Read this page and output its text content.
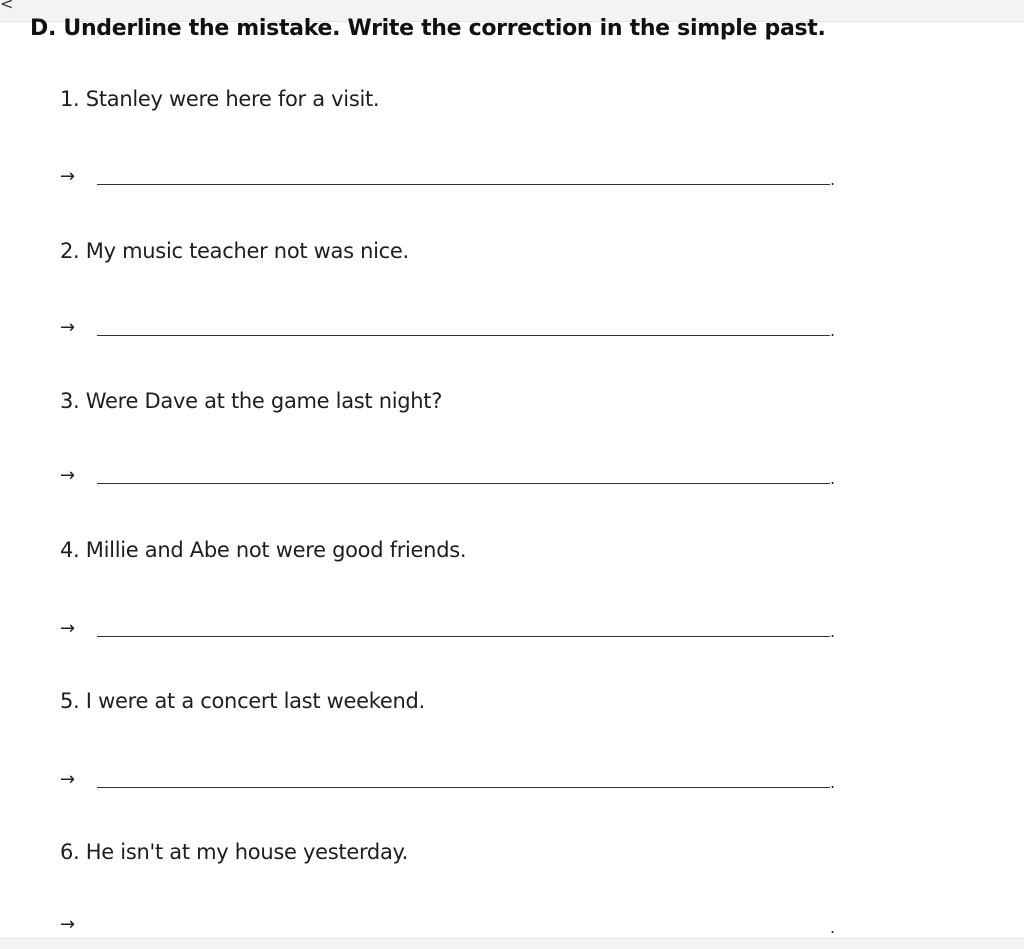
<
D. Underline the mistake. Write the correction in the simple past.
1. Stanley were here for a visit.
→	.
2. My music teacher not was nice.
→	.
3. Were Dave at the game last night?
→	.
4. Millie and Abe not were good friends.
→	.
5. I were at a concert last weekend.
→	.
6. He isn't at my house yesterday.
→	.
